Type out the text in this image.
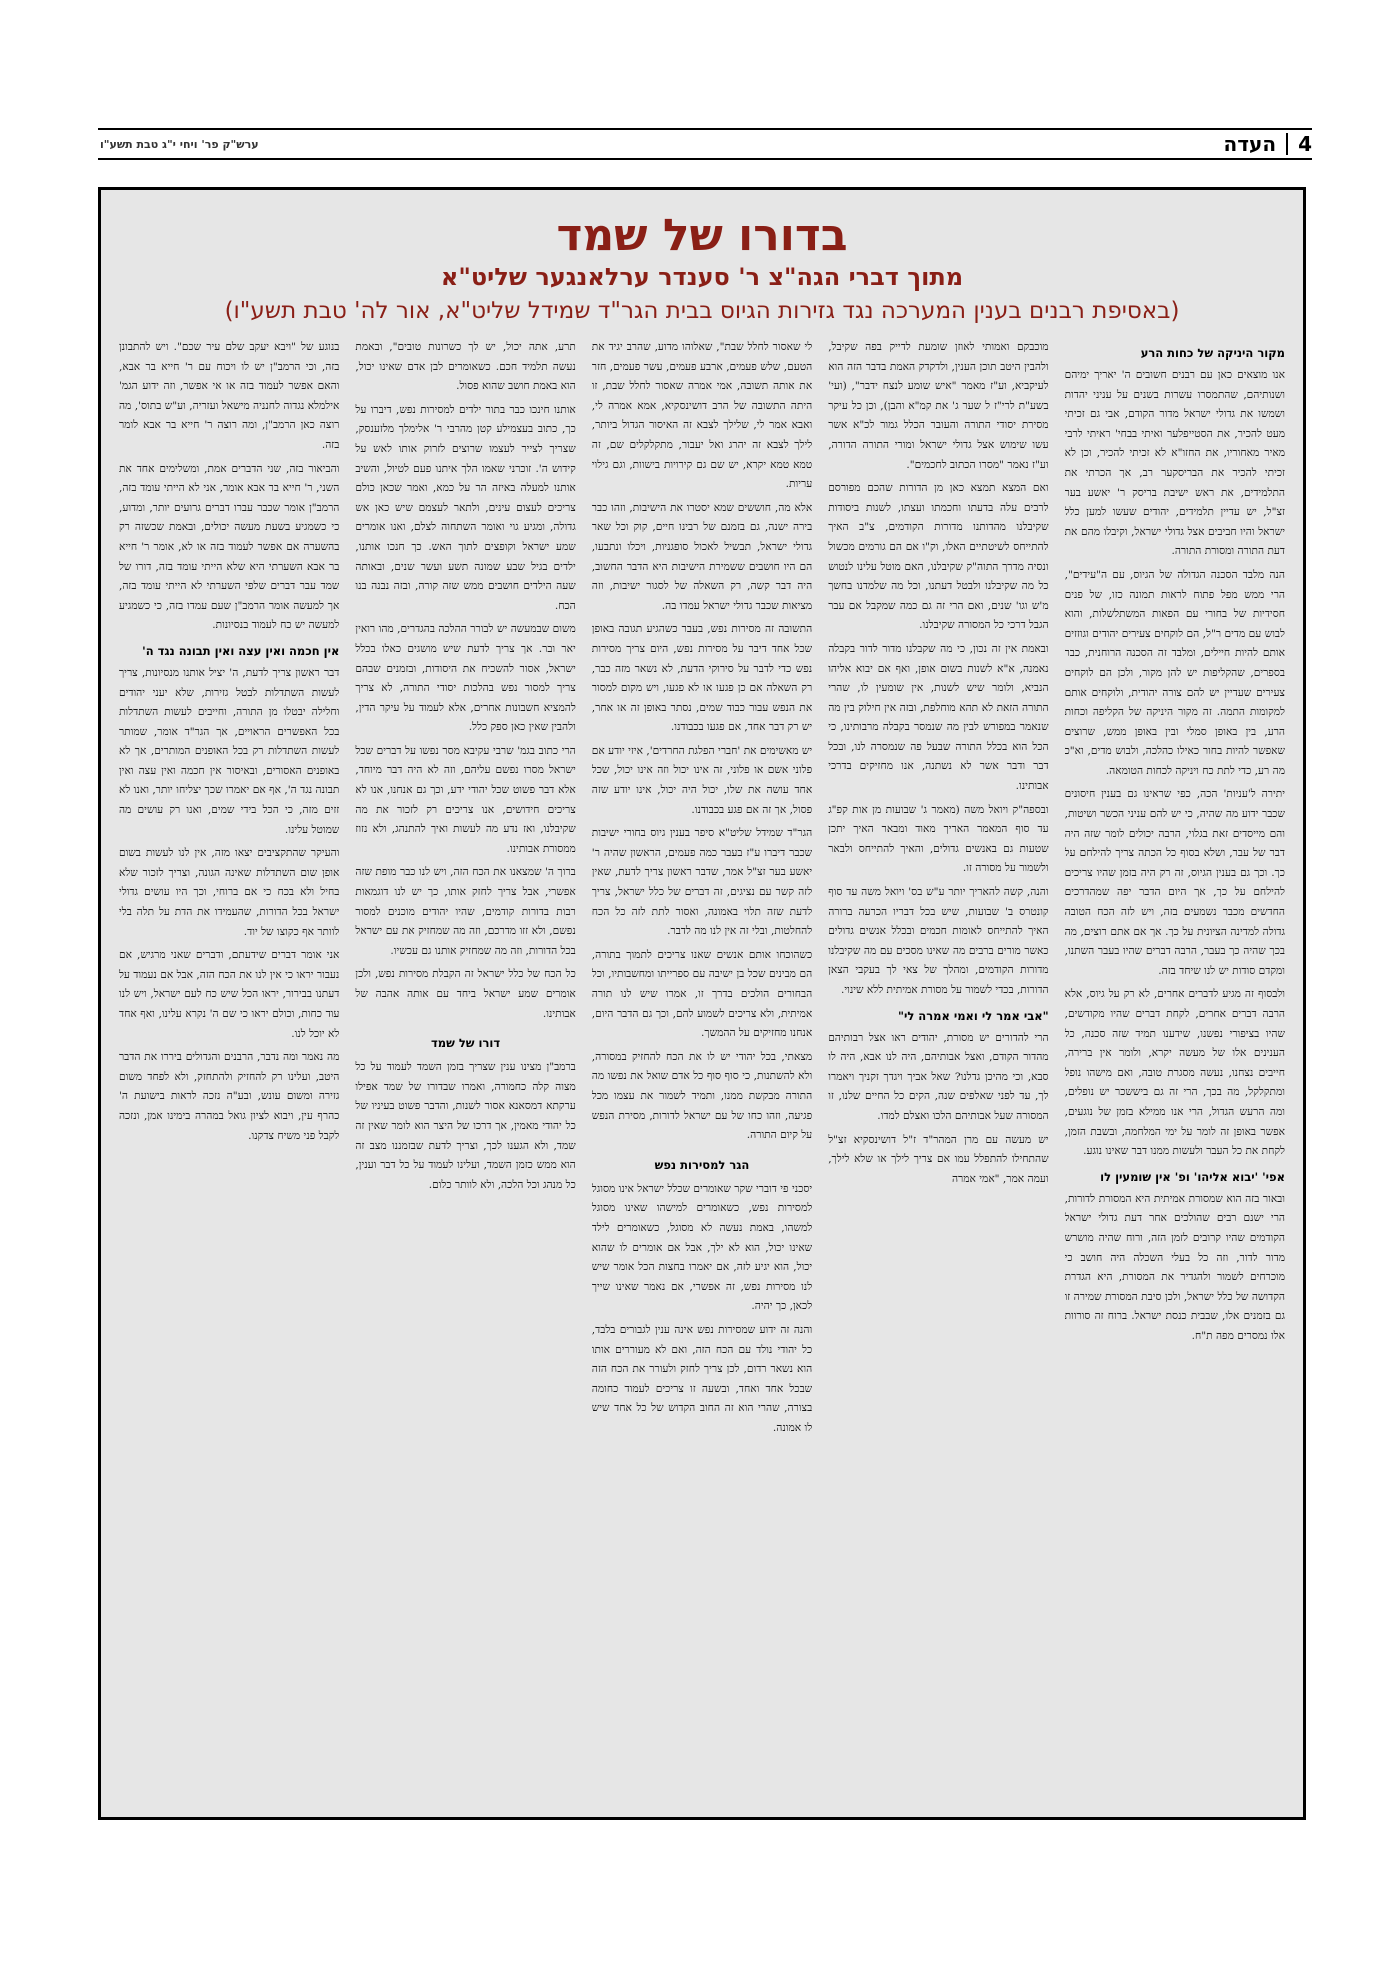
ערש"ק פר' ויחי י"ג טבת תשע"ו	4
העדה
בדורו של שמד
מתוך דברי הגה"צ ר' סענדר ערלאנגער שליט"א
(באסיפת רבנים בענין המערכה נגד גזירות הגיוס בבית הגר"ד שמידל שליט"א, אור לה' טבת תשע"ו)
מקור היניקה של כחות הרע

אנו מוצאים כאן עם רבנים חשובים ה' יאריך ימיהם ושנותיהם, שהתמסרו עשרות בשנים על עניני יהדות ושמשו את גדולי ישראל מדור הקודם, אבי גם זכיתי מעט להכיר, את הסטייפלער ואיתי בבחי' ראיתי לרבי מאיר מאחוריו, את החזו"א לא זכיתי להכיר, וכן לא זכיתי להכיר את הבריסקער רב, אך הכרתי את התלמידים, את ראש ישיבת בריסק ר' יאשע בער זצ"ל, יש עדיין תלמידים, יהודים שעשו למען כלל ישראל והיו חביבים אצל גדולי ישראל, וקיבלו מהם את דעת התורה ומסורת התורה.

הנה מלבד הסכנה הגדולה של הגיוס, עם ה"עידים", הרי ממש מפל פתוח לראות תמונה כזו, של פנים חסידיות של בחורי עם הפאות המשתלשלות, והוא לבוש עם מדים ר"ל, הם לוקחים צעירים יהודים וגוזזים אותם להיות חיילים, ומלבד זה הסכנה הרוחנית, כבר בספרים, שהקליפות יש להן מקור, ולכן הם לוקחים צעירים שעדיין יש להם צורה יהודית, ולוקחים אותם למקומות התמה. זה מקור היניקה של הקליפה וכחות הרע, בין באופן סמלי ובין באופן ממש, שרוצים שאפשר להיות בחור כאילו כהלכה, ולבוש מדים, וא"כ מה רע, כדי לתת כח ויניקה לכחות הטומאה.

יתירה ל'עניות' הכה, כפי שראינו גם בענין חיסונים שכבר ידוע מה שהיה, כי יש להם עניני הכשר ושיטות, והם מייסדים זאת בגלוי, הרבה יכולים לומר שזה היה דבר של עבר, ושלא בסוף כל הכתה צריך להילחם על כך. וכך גם בענין הגיוס, זה רק היה בזמן שהיו צריכים להילחם על כך, אך היום הדבר יפה שמהדרכים החדשים מכבר נשמעים בזה, ויש לזה הכח הטובה גדולה למדינה הציונית על כך. אך אם אתם רוצים, מה בכך שהיה כך בעבר, הרבה דברים שהיו בעבר השתנו, ומקדם סודות יש לנו שיחד בזה.

ולבסוף זה מגיע לדברים אחרים, לא רק על גיוס, אלא הרבה דברים אחרים, לקחת דברים שהיו מקודשים, שהיו בציפורי נפשנו, שידענו תמיד שזה סכנה, כל הענינים אלו של מעשה יקרא, ולומר אין ברירה, חייבים נצחנו, נעשה מסגרת טובה, ואם מישהו נופל ומתקלקל, מה בכך, הרי זה גם ביששכר יש נופלים, ומה הרעש הגדול, הרי אנו ממילא בזמן של נוגעים, אפשר באופן זה לומר על ימי המלחמה, ובשבת הזמן, לקחת את כל העבר ולעשות ממנו דבר שאינו נוגע.

אפי' 'יבוא אליהו' ופ' אין שומעין לו

ובאור בזה הוא שמסורת אמיתית היא המסורת לדורות, הרי ישנם רבים שהולכים אחר דעת גדולי ישראל הקודמים שהיו קרובים לזמן הזה, ורוח שהיה מושרש מדור לדור, וזה כל בעלי השכלה היה חושב כי מוכרחים לשמור ולהגדיר את המסורת, היא הגדרת הקדושה של כלל ישראל, ולכן סיבת המסורת שמירה זו גם בזמנים אלו, שבבית כנסת ישראל. ברוח זה סורוות אלו נמסרים מפה ת"ח.

מוכבקם ואמותי לאוזן שומעת לדייק בפה שקיבל, ולהבין היטב תוכן הענין, ולדקדק האמת בדבר הזה הוא לעיקביא, וע"ז מאמר "איש שומע לנצח ידבר", (ועי' בשע"ת לרי"ז ל שער ג' את קמ"א והבן), וכן כל עיקר מסירת יסודי התורה והעובר הכלל גמור לכ"א אשר עשו שימוש אצל גדולי ישראל ומורי התורה הדורה, וע"ז נאמר "מסרו הכתוב לחכמים".

ואם המצא תמצא כאן מן הדורות שהכם מפורסם לרבים עלה בדעתו וחכמתו ועצתו, לשנות ביסודות שקיבלנו מהדותנו מדורות הקודמים, צ"ב האיך להתייחס לשיטתיים האלו, וק"ו אם הם גורמים מכשול ונסיה מדרך התוה"ק שקיבלנו, האם מוטל עלינו לנטוש כל מה שקיבלנו ולבטל דעתנו, וכל מה שלמדנו בחשך מ'ש וגו' שנים, ואם הרי זה גם כמה שמקבל אם עבר הגבל דרכי כל המסורה שקיבלנו.

ובאמת אין זה נכון, כי מה שקבלנו מדור לדור בקבלה נאמנה, א"א לשנות בשום אופן, ואף אם יבוא אליהו הנביא, ולומר שיש לשנות, אין שומעין לו, שהרי התורה הזאת לא תהא מוחלפת, ובזה אין חילוק בין מה שנאמר במפורש לבין מה שנמסר בקבלה מרבותינו, כי הכל הוא בכלל התורה שבעל פה שנמסרה לנו, ובכל דבר ודבר אשר לא נשתנה, אנו מחזיקים בדרכי אבותינו.

ובספה"ק ויואל משה (מאמר ג' שבועות מן אות קפ"ג עד סוף המאמר האריך מאוד ומבאר האיך יתכן שטעות גם באנשים גדולים, והאיך להתייחס ולבאר ולשמור על מסורה זו.

והנה, קשה להאריך יותר ע"ש בס' ויואל משה עד סוף קונטרס ב' שבועות, שיש בכל דבריו הכרעה ברורה האיך להתייחס לאומות חכמים ובכלל אנשים גדולים כאשר מורים ברבים מה שאינו מסכים עם מה שקיבלנו מדורות הקודמים, ומהלך של צאי לך בעקבי הצאן הדורות, בכדי לשמור על מסורת אמיתית ללא שינוי.

"אבי אמר לי ואמי אמרה לי"

הרי להדורים יש מסורת, יהודים ראו אצל רבותיהם מהדור הקודם, ואצל אבותיהם, היה לנו אבא, היה לו סבא, וכי מהיכן גדלנו? שאל אביך ויגדך זקניך ויאמרו לך, עד לפני שאלפים שנה, הקים כל החיים שלנו, זו המסורה שעל אבותיהם הלכו ואצלם למדו.

יש מעשה עם מרן המהר"ד ז"ל דושינסקיא זצ"ל שהתחילו להתפלל עמו אם צריך לילך או שלא לילך, ועמה אמר, "אמי אמרה

לי שאסור לחלל שבת", שאלוהו מדוע, שהרב יגיד את הטעם, שלש פעמים, ארבע פעמים, עשר פעמים, חזר את אותה תשובה, אמי אמרה שאסור לחלל שבת, זו היתה התשובה של הרב דושינסקיא, אמא אמרה לי, ואבא אמר לי, שלילך לצבא זה האיסור הגדול ביותר, לילך לצבא זה יהרג ואל יעבור, מתקלקלים שם, זה טמא טמא יקרא, יש שם גם קירויות בישוות, וגם גילוי עריות.

אלא מה, חוששים שמא יסטרו את הישיבות, וזהו כבר בירה ישנה, גם בזמנם של רבינו חיים, קוק וכל שאר גדולי ישראל, תבשיל לאכול סופגניות, ויכלו ונתבעו, הם היו חושבים ששמירת הישיבות היא הדבר החשוב, היה דבר קשה, רק השאלה של לסגור ישיבות, וזה מציאות שכבר גדולי ישראל עמדו בה.

התשובה זה מסירות נפש, בעבר כשהגיע תגובה באופן שכל אחד דיבר על מסירות נפש, היום צריך מסירות נפש כדי לדבר על סירוקי הדעת, לא נשאר מזה כבר, רק השאלה אם כן פגעו או לא פגעו, ויש מקום למסור את הנפש עבור כבוד שמים, נסתר באופן זה או אחר, יש רק דבר אחד, אם פגעו בכבודנו.

יש מאשימים את 'חברי הפלגת החרדים', איזי יודע אם פלוני אשם או פלוני, זה אינו יכול וזה אינו יכול, שכל אחד עושה את שלו, יכול היה יכול, אינו יודע שזה פסול, אך זה אם פגע בכבודנו.

הגר"ד שמידל שליט"א סיפר בענין גיוס בחורי ישיבות שכבר דיברו ע"ז בעבר כמה פעמים, הראשון שהיה ר' יאשע בער זצ"ל אמר, שדבר ראשון צריך לדעת, שאין לזה קשר עם נציגים, זה דברים של כלל ישראל, צריך לדעת שזה תלוי באמונה, ואסור לתת לזה כל הכח להחלטות, ובלי זה אין לנו מה לדבר.

כשהוכחו אותם אנשים שאנו צריכים לתמוך בתורה, הם מבינים שכל בן ישיבה עם ספרייתו ומחשבותיו, וכל הבחורים הולכים בדרך זו, אמרו שיש לנו תורה אמיתית, ולא צריכים לשמוע להם, וכך גם הדבר היום, אנחנו מחזיקים על ההמשך.

מצאתי, בכל יהודי יש לו את הכח להחזיק במסורה, ולא להשתנות, כי סוף סוף כל אדם שואל את נפשו מה התורה מבקשת ממנו, ותמיד לשמור את עצמו מכל פגיעה, וזהו כחו של עם ישראל לדורות, מסירת הנפש על קיום התורה.

הגר למסירות נפש

יסכני פי דוברי שקר שאומרים שכלל ישראל אינו מסוגל למסירות נפש, כשאומרים למישהו שאינו מסוגל למשהו, באמת נעשה לא מסוגל, כשאומרים לילד שאינו יכול, הוא לא ילך, אבל אם אומרים לו שהוא יכול, הוא יגיע לזה, אם יאמרו בחצות הכל אומר שיש לנו מסירות נפש, זה אפשרי, אם נאמר שאינו שייך לכאן, כך יהיה.

והנה זה ידוע שמסירות נפש אינה ענין לגבורים בלבד, כל יהודי נולד עם הכח הזה, ואם לא מעוררים אותו הוא נשאר רדום, לכן צריך לחזק ולעורר את הכח הזה שבכל אחד ואחד, ובשעה זו צריכים לעמוד כחומה בצורה, שהרי הוא זה החוב הקדוש של כל אחד שיש לו אמונה.

תרע, אתה יכול, יש לך כשרונות טובים", ובאמת נעשה תלמיד חכם. כשאומרים לבן אדם שאינו יכול, הוא באמת חושב שהוא פסול.

אותנו חינכו כבר בתור ילדים למסירות נפש, דיברו על כך, כתוב בעצמילע קטן מהרבי ר' אלימלך מלזענסק, שצריך לצייר לעצמו שרוצים לזרוק אותו לאש על קידוש ה'. זוכרני שאמו הלך איתנו פעם לטיול, והשיב אותנו למעלה באיזה הר על כמא, ואמר שכאן כולם צריכים לעצום עינים, ולתאר לעצמם שיש כאן אש גדולה, ומגיע גוי ואומר השתחוה לצלם, ואנו אומרים שמע ישראל וקופצים לתוך האש. כך חנכו אותנו, ילדים בגיל שבע שמונה תשע ועשר שנים, ובאותה שעה הילדים חושבים ממש שזה קורה, ובזה נבנה בנו הכח.

משום שבמעשה יש לבורר ההלכה בהגדרים, מהו רואין יאר ובר. אך צריך לדעת שיש מושגים כאלו בכלל ישראל, אסור להשכיח את היסודות, ובזמנים שבהם צריך למסור נפש בהלכות יסודי התורה, לא צריך להמציא חשבונות אחרים, אלא לעמוד על עיקר הדין, ולהבין שאין כאן ספק כלל.

הרי כתוב בגמ' שרבי עקיבא מסר נפשו על דברים שכל ישראל מסרו נפשם עליהם, וזה לא היה דבר מיוחד, אלא דבר פשוט שכל יהודי ידע, וכך גם אנחנו, אנו לא צריכים חידושים, אנו צריכים רק לזכור את מה שקיבלנו, ואז נדע מה לעשות ואיך להתנהג, ולא נזוז ממסורת אבותינו.

ברוך ה' שמצאנו את הכח הזה, ויש לנו כבר מופת שזה אפשרי, אבל צריך לחזק אותו, כך יש לנו דוגמאות רבות בדורות קודמים, שהיו יהודים מוכנים למסור נפשם, ולא זזו מדרכם, וזה מה שמחזיק את עם ישראל בכל הדורות, וזה מה שמחזיק אותנו גם עכשיו.

כל הכח של כלל ישראל זה הקבלת מסירות נפש, ולכן אומרים שמע ישראל ביחד עם אותה אהבה של אבותינו.

דורו של שמד

ברמב"ן מצינו ענין שצריך בזמן השמד לעמוד על כל מצוה קלה כחמורה, ואמרו שבדורו של שמד אפילו ערקתא דמסאנא אסור לשנות, והדבר פשוט בעיניו של כל יהודי מאמין, אך דרכו של היצר הוא לומר שאין זה שמד, ולא הגענו לכך, וצריך לדעת שבזמננו מצב זה הוא ממש כזמן השמד, ועלינו לעמוד על כל דבר וענין, כל מנהג וכל הלכה, ולא לוותר כלום.

בנוגע של "ויבא יעקב שלם עיר שכם". ויש להתבונן בזה, וכי הרמב"ן יש לו ויכוח עם ר' חייא בר אבא, והאם אפשר לעמוד בזה או אי אפשר, וזה ידוע הגמ' אילמלא נגדוה לחנניה מישאל ועזריה, וע"ש בתוס', מה רוצה כאן הרמב"ן, ומה רוצה ר' חייא בר אבא לומר בזה.

והביאור בזה, שני הדברים אמת, ומשלימים אחד את השני, ר' חייא בר אבא אומר, אני לא הייתי עומד בזה, הרמב"ן אומר שכבר עברו דברים גרועים יותר, ומדוע, כי כשמגיע בשעת מעשה יכולים, ובאמת שכשזה רק בהשערה אם אפשר לעמוד בזה או לא, אומר ר' חייא בר אבא השערתי היא שלא הייתי עומד בזה, דורו של שמד עבר דברים שלפי השערתי לא הייתי עומד בזה, אך למעשה אומר הרמב"ן שעם עמדו בזה, כי כשמגיע למעשה יש כח לעמוד בנסיונות.

אין חכמה ואין עצה ואין תבונה נגד ה'

דבר ראשון צריך לדעת, ה' יציל אותנו מנסיונות, צריך לעשות השתדלות לבטל גזירות, שלא יעני יהודים וחלילה יבטלו מן התורה, וחייבים לעשות השתדלות בכל האפשרים הראויים, אך הגר"ד אומר, שמותר לעשות השתדלות רק בכל האופנים המותרים, אך לא באופנים האסורים, ובאיסור אין חכמה ואין עצה ואין תבונה נגד ה', אף אם יאמרו שכך יצליחו יותר, ואנו לא זזים מזה, כי הכל בידי שמים, ואנו רק עושים מה שמוטל עלינו.

והעיקר שהתקציבים יצאו מזה, אין לנו לעשות בשום אופן שום השתדלות שאינה הגונה, וצריך לזכור שלא בחיל ולא בכח כי אם ברוחי, וכך היו עושים גדולי ישראל בכל הדורות, שהעמידו את הדת על תלה בלי לוותר אף כקוצו של יוד.

אני אומר דברים שידעתם, ודברים שאני מרגיש, אם נעבור יראו כי אין לנו את הכח הזה, אבל אם נעמוד על דעתנו בבירור, יראו הכל שיש כח לעם ישראל, ויש לנו עוד כחות, וכולם יראו כי שם ה' נקרא עלינו, ואף אחד לא יוכל לנו.

מה נאמר ומה נדבר, הרבנים והגדולים ביררו את הדבר היטב, ועלינו רק להחזיק ולהתחזק, ולא לפחד משום גזירה ומשום עונש, ובע"ה נזכה לראות בישועת ה' כהרף עין, ויבוא לציון גואל במהרה בימינו אמן, ונזכה לקבל פני משיח צדקנו.
